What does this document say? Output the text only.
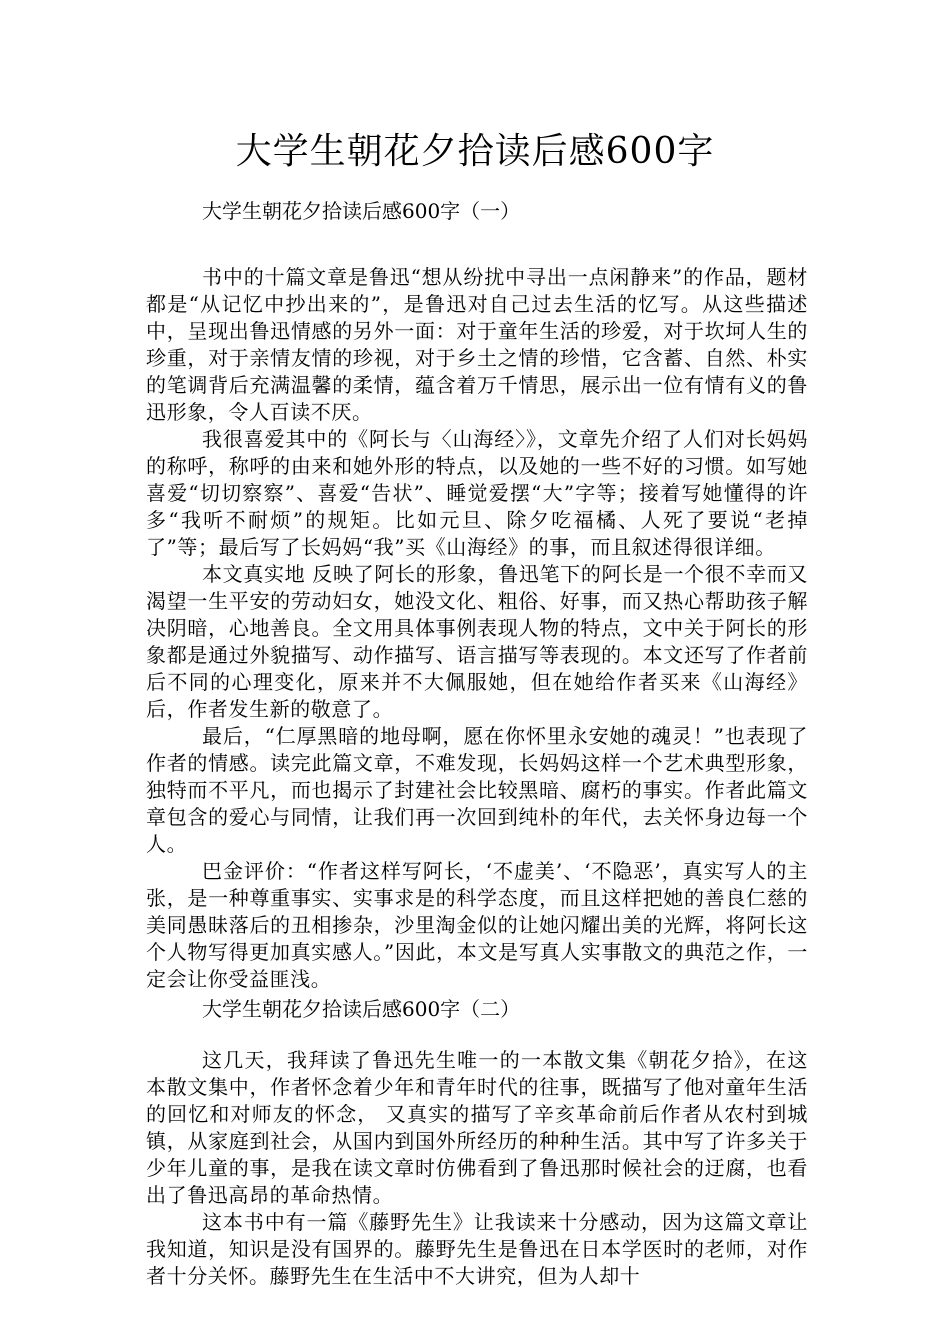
大学生朝花夕拾读后感600字
大学生朝花夕拾读后感600字（一）

书中的十篇文章是鲁迅“想从纷扰中寻出一点闲静来”的作品，题材都是“从记忆中抄出来的”，是鲁迅对自己过去生活的忆写。从这些描述中，呈现出鲁迅情感的另外一面：对于童年生活的珍爱，对于坎坷人生的珍重，对于亲情友情的珍视，对于乡土之情的珍惜，它含蓄、自然、朴实的笔调背后充满温馨的柔情，蕴含着万千情思，展示出一位有情有义的鲁迅形象，令人百读不厌。

我很喜爱其中的《阿长与〈山海经〉》，文章先介绍了人们对长妈妈的称呼，称呼的由来和她外形的特点，以及她的一些不好的习惯。如写她喜爱“切切察察”、喜爱“告状”、睡觉爱摆“大”字等；接着写她懂得的许多“我听不耐烦”的规矩。比如元旦、除夕吃福橘、人死了要说“老掉了”等；最后写了长妈妈“我”买《山海经》的事，而且叙述得很详细。

本文真实地 反映了阿长的形象，鲁迅笔下的阿长是一个很不幸而又渴望一生平安的劳动妇女，她没文化、粗俗、好事，而又热心帮助孩子解决阴暗，心地善良。全文用具体事例表现人物的特点，文中关于阿长的形象都是通过外貌描写、动作描写、语言描写等表现的。本文还写了作者前后不同的心理变化，原来并不大佩服她，但在她给作者买来《山海经》后，作者发生新的敬意了。

最后，“仁厚黑暗的地母啊，愿在你怀里永安她的魂灵！”也表现了作者的情感。读完此篇文章，不难发现，长妈妈这样一个艺术典型形象，独特而不平凡，而也揭示了封建社会比较黑暗、腐朽的事实。作者此篇文章包含的爱心与同情，让我们再一次回到纯朴的年代，去关怀身边每一个人。

巴金评价：“作者这样写阿长，‘不虚美’、‘不隐恶’，真实写人的主张，是一种尊重事实、实事求是的科学态度，而且这样把她的善良仁慈的美同愚昧落后的丑相掺杂，沙里淘金似的让她闪耀出美的光辉，将阿长这个人物写得更加真实感人。”因此，本文是写真人实事散文的典范之作，一定会让你受益匪浅。

大学生朝花夕拾读后感600字（二）

这几天，我拜读了鲁迅先生唯一的一本散文集《朝花夕拾》，在这本散文集中，作者怀念着少年和青年时代的往事，既描写了他对童年生活的回忆和对师友的怀念， 又真实的描写了辛亥革命前后作者从农村到城镇，从家庭到社会，从国内到国外所经历的种种生活。其中写了许多关于少年儿童的事，是我在读文章时仿佛看到了鲁迅那时候社会的迂腐，也看出了鲁迅高昂的革命热情。

这本书中有一篇《藤野先生》让我读来十分感动，因为这篇文章让我知道，知识是没有国界的。藤野先生是鲁迅在日本学医时的老师，对作者十分关怀。藤野先生在生活中不大讲究，但为人却十
